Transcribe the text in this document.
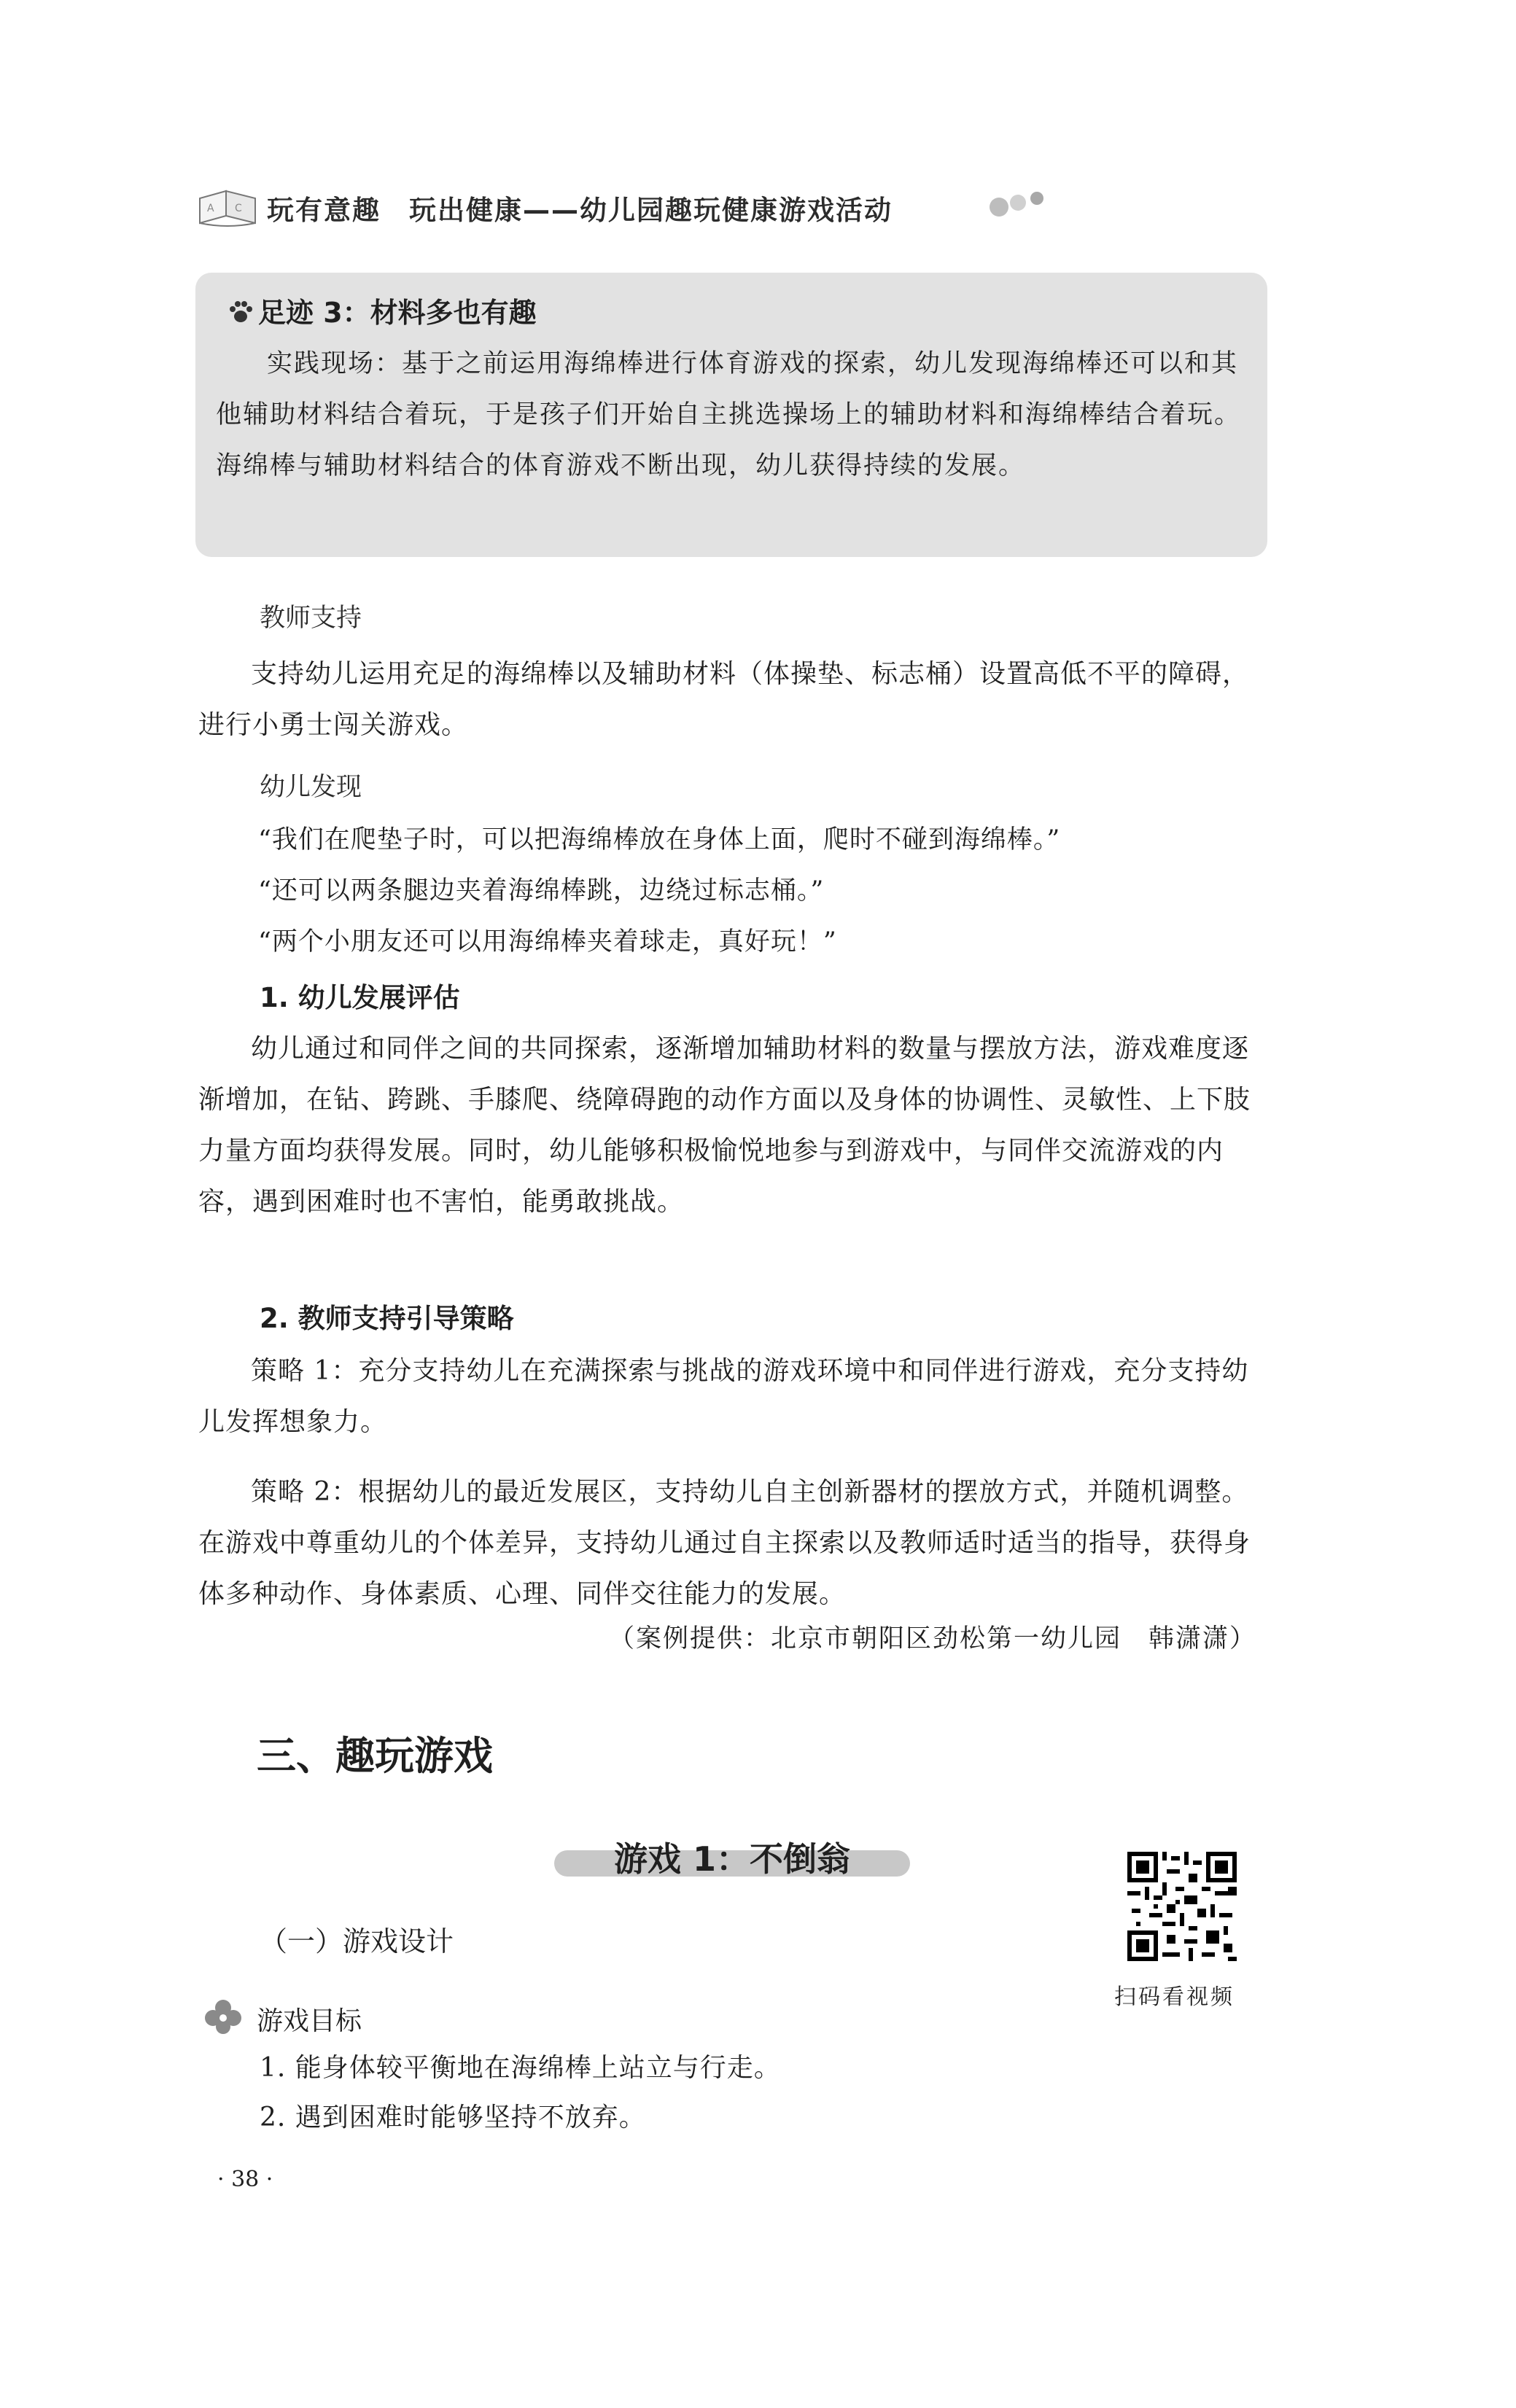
A C 玩有意趣　玩出健康——幼儿园趣玩健康游戏活动
足迹 3：材料多也有趣
实践现场：基于之前运用海绵棒进行体育游戏的探索，幼儿发现海绵棒还可以和其他辅助材料结合着玩，于是孩子们开始自主挑选操场上的辅助材料和海绵棒结合着玩。海绵棒与辅助材料结合的体育游戏不断出现，幼儿获得持续的发展。
教师支持
支持幼儿运用充足的海绵棒以及辅助材料（体操垫、标志桶）设置高低不平的障碍，进行小勇士闯关游戏。
幼儿发现
“我们在爬垫子时，可以把海绵棒放在身体上面，爬时不碰到海绵棒。”
“还可以两条腿边夹着海绵棒跳，边绕过标志桶。”
“两个小朋友还可以用海绵棒夹着球走，真好玩！”
1. 幼儿发展评估
幼儿通过和同伴之间的共同探索，逐渐增加辅助材料的数量与摆放方法，游戏难度逐渐增加，在钻、跨跳、手膝爬、绕障碍跑的动作方面以及身体的协调性、灵敏性、上下肢力量方面均获得发展。同时，幼儿能够积极愉悦地参与到游戏中，与同伴交流游戏的内容，遇到困难时也不害怕，能勇敢挑战。
2. 教师支持引导策略
策略 1：充分支持幼儿在充满探索与挑战的游戏环境中和同伴进行游戏，充分支持幼儿发挥想象力。
策略 2：根据幼儿的最近发展区，支持幼儿自主创新器材的摆放方式，并随机调整。在游戏中尊重幼儿的个体差异，支持幼儿通过自主探索以及教师适时适当的指导，获得身体多种动作、身体素质、心理、同伴交往能力的发展。
（案例提供：北京市朝阳区劲松第一幼儿园　韩潇潇）
三、趣玩游戏
游戏 1：不倒翁
扫码看视频
（一）游戏设计
游戏目标
1. 能身体较平衡地在海绵棒上站立与行走。
2. 遇到困难时能够坚持不放弃。
· 38 ·
